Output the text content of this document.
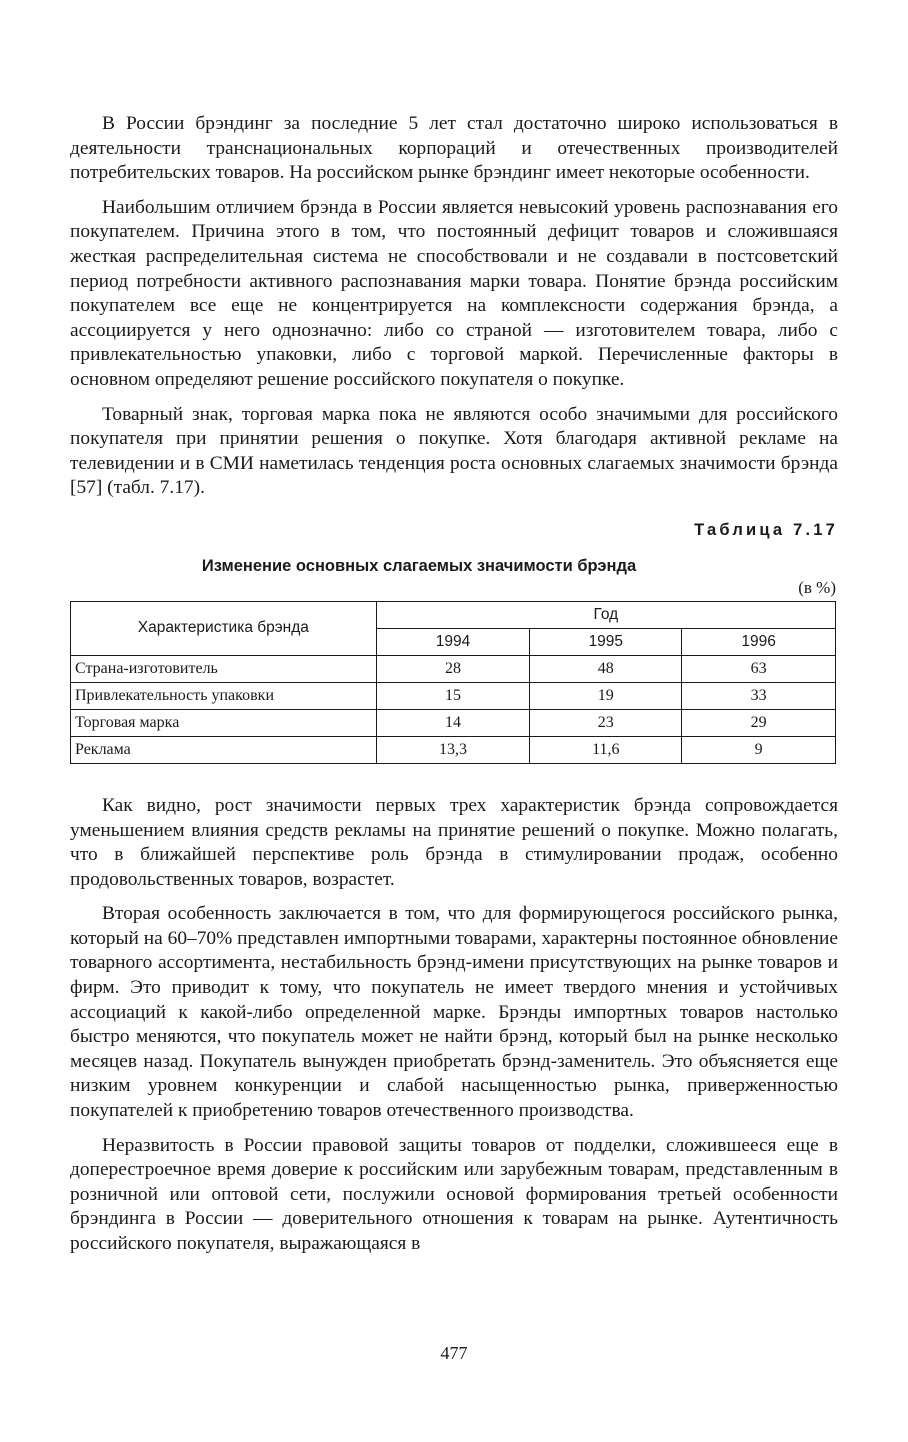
В России брэндинг за последние 5 лет стал достаточно широко использоваться в деятельности транснациональных корпораций и отечественных производителей потребительских товаров. На российском рынке брэндинг имеет некоторые особенности.

Наибольшим отличием брэнда в России является невысокий уровень распознавания его покупателем. Причина этого в том, что постоянный дефицит товаров и сложившаяся жесткая распределительная система не способствовали и не создавали в постсоветский период потребности активного распознавания марки товара. Понятие брэнда российским покупателем все еще не концентрируется на комплексности содержания брэнда, а ассоциируется у него однозначно: либо со страной — изготовителем товара, либо с привлекательностью упаковки, либо с торговой маркой. Перечисленные факторы в основном определяют решение российского покупателя о покупке.

Товарный знак, торговая марка пока не являются особо значимыми для российского покупателя при принятии решения о покупке. Хотя благодаря активной рекламе на телевидении и в СМИ наметилась тенденция роста основных слагаемых значимости брэнда [57] (табл. 7.17).

Таблица 7.17
Изменение основных слагаемых значимости брэнда
(в %)
Характеристика брэнда	Год		
	1994	1995	1996
Страна-изготовитель	28	48	63
Привлекательность упаковки	15	19	33
Торговая марка	14	23	29
Реклама	13,3	11,6	9

Как видно, рост значимости первых трех характеристик брэнда сопровождается уменьшением влияния средств рекламы на принятие решений о покупке. Можно полагать, что в ближайшей перспективе роль брэнда в стимулировании продаж, особенно продовольственных товаров, возрастет.

Вторая особенность заключается в том, что для формирующегося российского рынка, который на 60–70% представлен импортными товарами, характерны постоянное обновление товарного ассортимента, нестабильность брэнд-имени присутствующих на рынке товаров и фирм. Это приводит к тому, что покупатель не имеет твердого мнения и устойчивых ассоциаций к какой-либо определенной марке. Брэнды импортных товаров настолько быстро меняются, что покупатель может не найти брэнд, который был на рынке несколько месяцев назад. Покупатель вынужден приобретать брэнд-заменитель. Это объясняется еще низким уровнем конкуренции и слабой насыщенностью рынка, приверженностью покупателей к приобретению товаров отечественного производства.

Неразвитость в России правовой защиты товаров от подделки, сложившееся еще в доперестроечное время доверие к российским или зарубежным товарам, представленным в розничной или оптовой сети, послужили основой формирования третьей особенности брэндинга в России — доверительного отношения к товарам на рынке. Аутентичность российского покупателя, выражающаяся в

477
